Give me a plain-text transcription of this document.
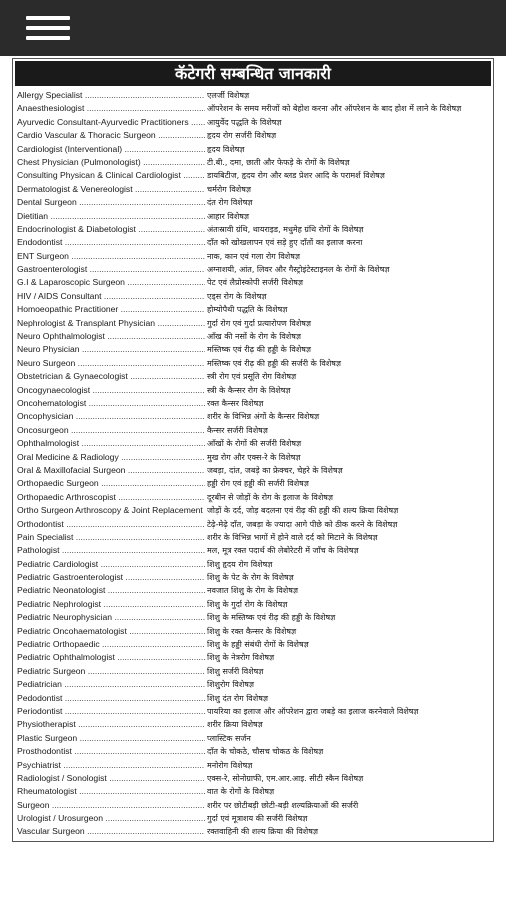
कॅटेगरी सम्बन्धित जानकारी
Allergy Specialist .....	एलर्जी विशेषज्ञ
Anaesthesiologist .....	ऑपरेशन के समय मरीजों को बेहोश करना और ऑपरेशन के बाद होश में लाने के विशेषज्ञ
Ayurvedic Consultant-Ayurvedic Practitioners .....	आयुर्वेद पद्धति के विशेषज्ञ
Cardio Vascular & Thoracic Surgeon .....	हृदय रोग सर्जरी विशेषज्ञ
Cardiologist (Interventional) .....	हृदय विशेषज्ञ
Chest Physician (Pulmonologist) .....	टी.बी., दमा, छाती और फेफड़े के रोगों के विशेषज्ञ
Consulting Physican & Clinical Cardiologist .....	डायबिटीज, हृदय रोग और ब्लड प्रेशर आदि के परामर्श विशेषज्ञ
Dermatologist & Venereologist .....	चर्मरोग विशेषज्ञ
Dental Surgeon .....	दंत रोग विशेषज्ञ
Dietitian .....	आहार विशेषज्ञ
Endocrinologist & Diabetologist .....	अंतःस्रावी ग्रंथि, थायराइड, मधुमेह ग्रंथि रोगों के विशेषज्ञ
Endodontist .....	दाँत को खोखलापन एवं सड़े हुए दाँतों का इलाज करना
ENT Surgeon .....	नाक, कान एवं गला रोग विशेषज्ञ
Gastroenterologist .....	अग्नाशयी, आंत, लिवर और गैस्ट्रोइंटेस्टाइनल के रोगों के विशेषज्ञ
G.I & Laparoscopic Surgeon .....	पेट एवं लैप्रोस्कोपी सर्जरी विशेषज्ञ
HIV / AIDS Consultant .....	एड्स रोग के विशेषज्ञ
Homoeopathic Practitioner .....	होम्योपैथी पद्धति के विशेषज्ञ
Nephrologist & Transplant Physician .....	गुर्दा रोग एवं गुर्दा प्रत्यारोपण विशेषज्ञ
Neuro Ophthalmologist .....	आँख की नसों के रोग के विशेषज्ञ
Neuro Physician .....	मस्तिष्क एवं रीढ़ की हड्डी के विशेषज्ञ
Neuro Surgeon .....	मस्तिष्क एवं रीढ़ की हड्डी की सर्जरी के विशेषज्ञ
Obstetrician & Gynaecologist .....	स्त्री रोग एवं प्रसूति रोग विशेषज्ञ
Oncogynaecologist .....	स्त्री के कैन्सर रोग के विशेषज्ञ
Oncohematologist .....	रक्त कैन्सर विशेषज्ञ
Oncophysician .....	शरीर के विभिन्न अंगों के कैन्सर विशेषज्ञ
Oncosurgeon .....	कैन्सर सर्जरी विशेषज्ञ
Ophthalmologist .....	आँखों के रोगों की सर्जरी विशेषज्ञ
Oral Medicine & Radiology .....	मुख रोग और एक्स-रे के विशेषज्ञ
Oral & Maxillofacial Surgeon .....	जबड़ा, दांत, जबड़े का फ्रेक्चर, चेहरे के विशेषज्ञ
Orthopaedic Surgeon .....	हड्डी रोग एवं हड्डी की सर्जरी विशेषज्ञ
Orthopaedic Arthroscopist .....	दूरबीन से जोड़ों के रोग के इलाज के विशेषज्ञ
Ortho Surgeon Arthroscopy & Joint Replacement ..... जोड़ों के दर्द, जोड़ बदलना एवं रीढ़ की हड्डी की शल्य क्रिया विशेषज्ञ
Orthodontist .....	टेढ़े-मेढ़े दाँत, जबड़ा के ज्यादा आगे पीछे को ठीक करने के विशेषज्ञ
Pain Specialist .....	शरीर के विभिन्न भागों में होने वाले दर्द को मिटाने के विशेषज्ञ
Pathologist .....	मल, मूत्र रक्त पदार्थ की लेबोरेटरी में जाँच के विशेषज्ञ
Pediatric Cardiologist .....	शिशु हृदय रोग विशेषज्ञ
Pediatric Gastroenterologist .....	शिशु के पेट के रोग के विशेषज्ञ
Pediatric Neonatologist .....	नवजात शिशु के रोग के विशेषज्ञ
Pediatric Nephrologist .....	शिशु के गुर्दा रोग के विशेषज्ञ
Pediatric Neurophysician .....	शिशु के मस्तिष्क एवं रीढ़ की हड्डी के विशेषज्ञ
Pediatric Oncohaematologist .....	शिशु के रक्त कैन्सर के विशेषज्ञ
Pediatric Orthopaedic .....	शिशु के हड्डी संबंधी रोगों के विशेषज्ञ
Pediatric Ophthalmologist .....	शिशु के नेत्ररोग विशेषज्ञ
Pediatric Surgeon .....	शिशु सर्जरी विशेषज्ञ
Pediatrician .....	शिशुरोग विशेषज्ञ
Pedodontist .....	शिशु दंत रोग विशेषज्ञ
Periodontist .....	पायरिया का इलाज और ऑपरेशन द्वारा जबड़े का इलाज करनेवाले विशेषज्ञ
Physiotherapist .....	शरीर क्रिया विशेषज्ञ
Plastic Surgeon .....	प्लास्टिक सर्जन
Prosthodontist .....	दाँत के चोकठे, चौसच चोकठ के विशेषज्ञ
Psychiatrist .....	मनोरोग विशेषज्ञ
Radiologist / Sonologist .....	एक्स-रे, सोनोग्राफी, एम.आर.आइ. सीटी स्कैन विशेषज्ञ
Rheumatologist .....	वात के रोगों के विशेषज्ञ
Surgeon .....	शरीर पर छोटीबड़ी छोटी-बड़ी शल्यक्रियाओं की सर्जरी
Urologist / Urosurgeon .....	गुर्दा एवं मूत्राशय की सर्जरी विशेषज्ञ
Vascular Surgeon .....	रक्तवाहिनी की शल्य क्रिया की विशेषज्ञ
